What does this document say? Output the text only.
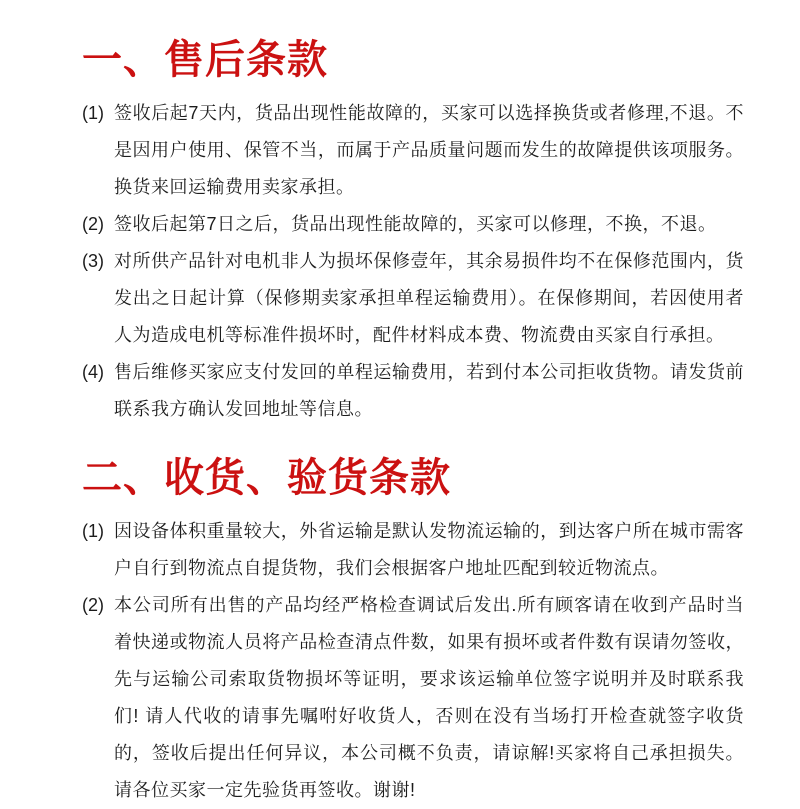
一、售后条款
(1) 签收后起7天内，货品出现性能故障的，买家可以选择换货或者修理,不退。不是因用户使用、保管不当，而属于产品质量问题而发生的故障提供该项服务。换货来回运输费用卖家承担。

(2) 签收后起第7日之后，货品出现性能故障的，买家可以修理，不换，不退。

(3) 对所供产品针对电机非人为损坏保修壹年，其余易损件均不在保修范围内，货发出之日起计算（保修期卖家承担单程运输费用）。在保修期间，若因使用者人为造成电机等标准件损坏时，配件材料成本费、物流费由买家自行承担。

(4) 售后维修买家应支付发回的单程运输费用，若到付本公司拒收货物。请发货前联系我方确认发回地址等信息。

二、收货、验货条款
(1) 因设备体积重量较大，外省运输是默认发物流运输的，到达客户所在城市需客户自行到物流点自提货物，我们会根据客户地址匹配到较近物流点。

(2) 本公司所有出售的产品均经严格检查调试后发出.所有顾客请在收到产品时当着快递或物流人员将产品检查清点件数，如果有损坏或者件数有误请勿签收，先与运输公司索取货物损坏等证明，要求该运输单位签字说明并及时联系我们! 请人代收的请事先嘱咐好收货人，否则在没有当场打开检查就签字收货的，签收后提出任何异议，本公司概不负责，请谅解!买家将自己承担损失。请各位买家一定先验货再签收。谢谢!
